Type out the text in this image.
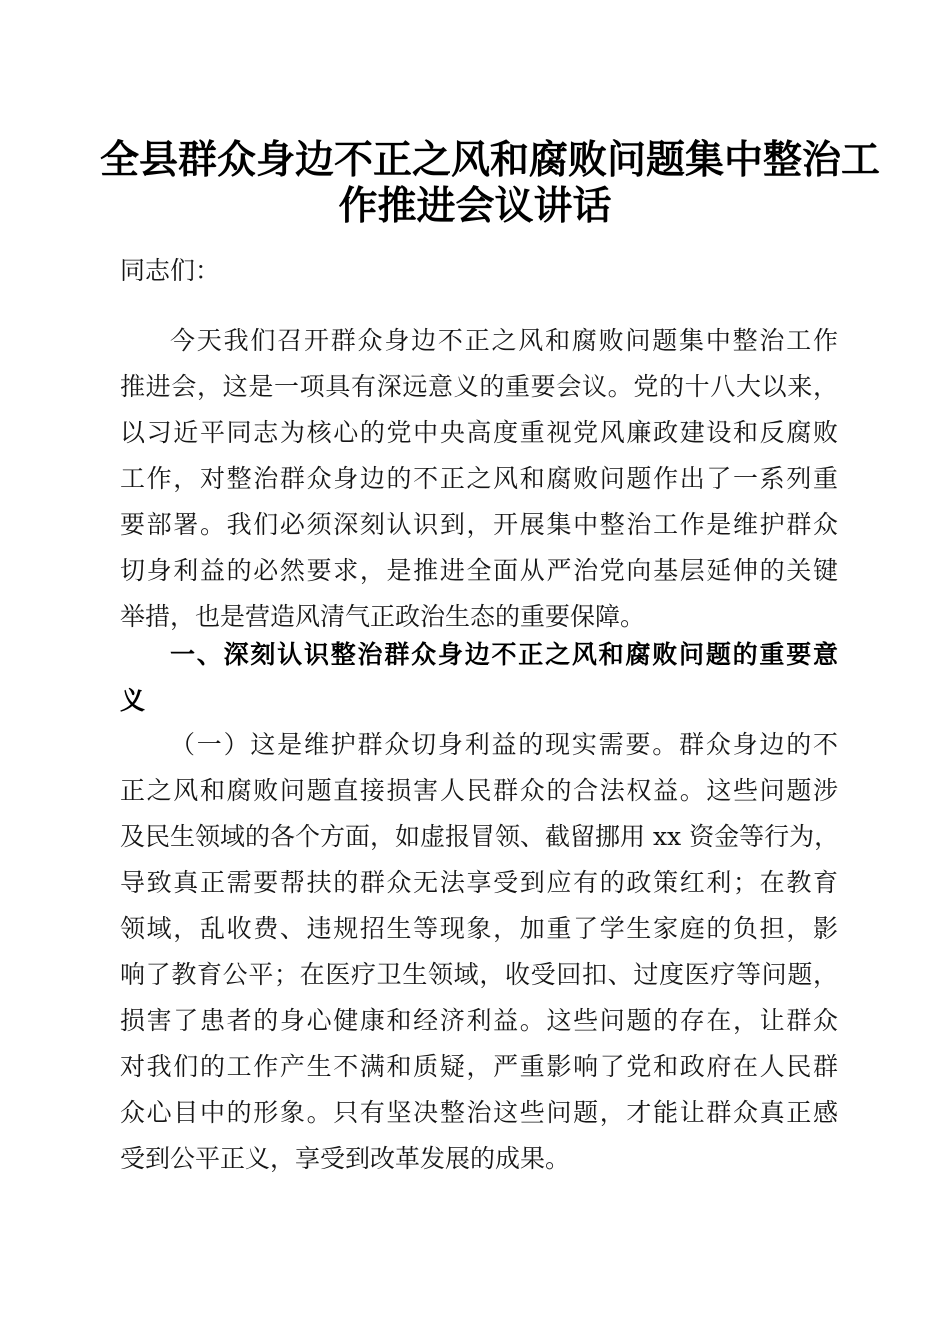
全县群众身边不正之风和腐败问题集中整治工
作推进会议讲话
同志们：
今天我们召开群众身边不正之风和腐败问题集中整治工作
推进会，这是一项具有深远意义的重要会议。党的十八大以来，
以习近平同志为核心的党中央高度重视党风廉政建设和反腐败
工作，对整治群众身边的不正之风和腐败问题作出了一系列重
要部署。我们必须深刻认识到，开展集中整治工作是维护群众
切身利益的必然要求，是推进全面从严治党向基层延伸的关键
举措，也是营造风清气正政治生态的重要保障。
一、深刻认识整治群众身边不正之风和腐败问题的重要意
义
（一）这是维护群众切身利益的现实需要。群众身边的不
正之风和腐败问题直接损害人民群众的合法权益。这些问题涉
及民生领域的各个方面，如虚报冒领、截留挪用 xx 资金等行为，
导致真正需要帮扶的群众无法享受到应有的政策红利；在教育
领域，乱收费、违规招生等现象，加重了学生家庭的负担，影
响了教育公平；在医疗卫生领域，收受回扣、过度医疗等问题，
损害了患者的身心健康和经济利益。这些问题的存在，让群众
对我们的工作产生不满和质疑，严重影响了党和政府在人民群
众心目中的形象。只有坚决整治这些问题，才能让群众真正感
受到公平正义，享受到改革发展的成果。
